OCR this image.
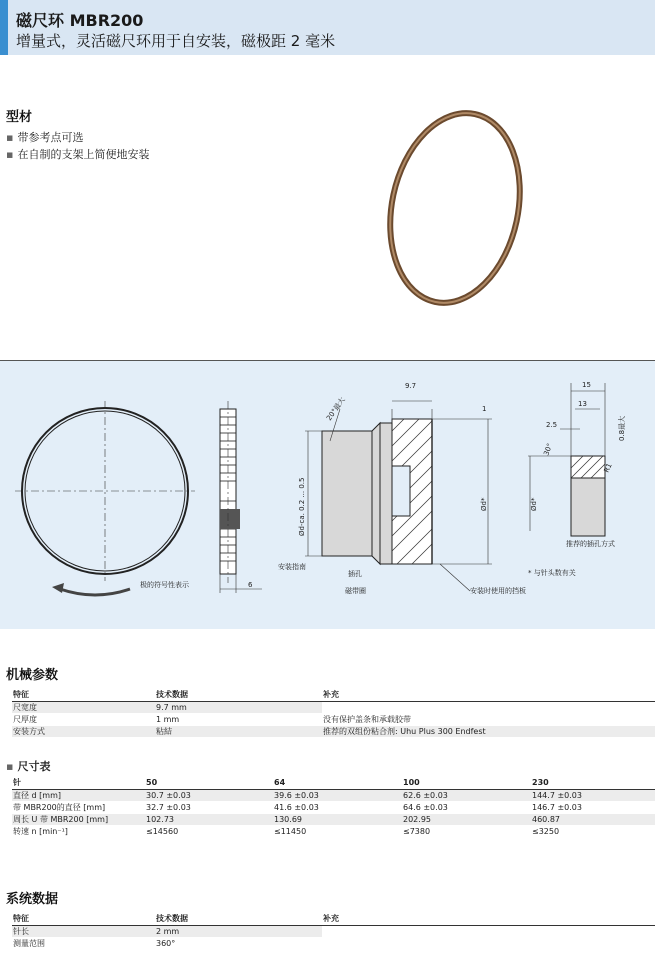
磁尺环 MBR200
增量式，灵活磁尺环用于自安装，磁极距 2 毫米
型材
▪ 带参考点可选
▪ 在自制的支架上简便地安装
极的符号性表示	6
9.7
1
20°最大
Ød-ca. 0.2 ... 0.5	Ød*
安装指南
插孔
磁带圈	安装时使用的挡板
15
13
2.5	0.8最大
30°
R1
Ød*
推荐的插孔方式
* 与针头数有关
机械参数
特征	技术数据	补充
尺宽度	9.7 mm	
尺厚度	1 mm	没有保护盖条和承载胶带
安装方式	粘結	推荐的双组份粘合剂: Uhu Plus 300 Endfest
▪ 尺寸表
针	50	64	100	230
直径 d [mm]	30.7 ±0.03	39.6 ±0.03	62.6 ±0.03	144.7 ±0.03
带 MBR200的直径 [mm]	32.7 ±0.03	41.6 ±0.03	64.6 ±0.03	146.7 ±0.03
周长 U 带 MBR200 [mm]	102.73	130.69	202.95	460.87
转速 n [min⁻¹]	≤14560	≤11450	≤7380	≤3250
系统数据
特征	技术数据	补充
针长	2 mm	
测量范围	360°	
